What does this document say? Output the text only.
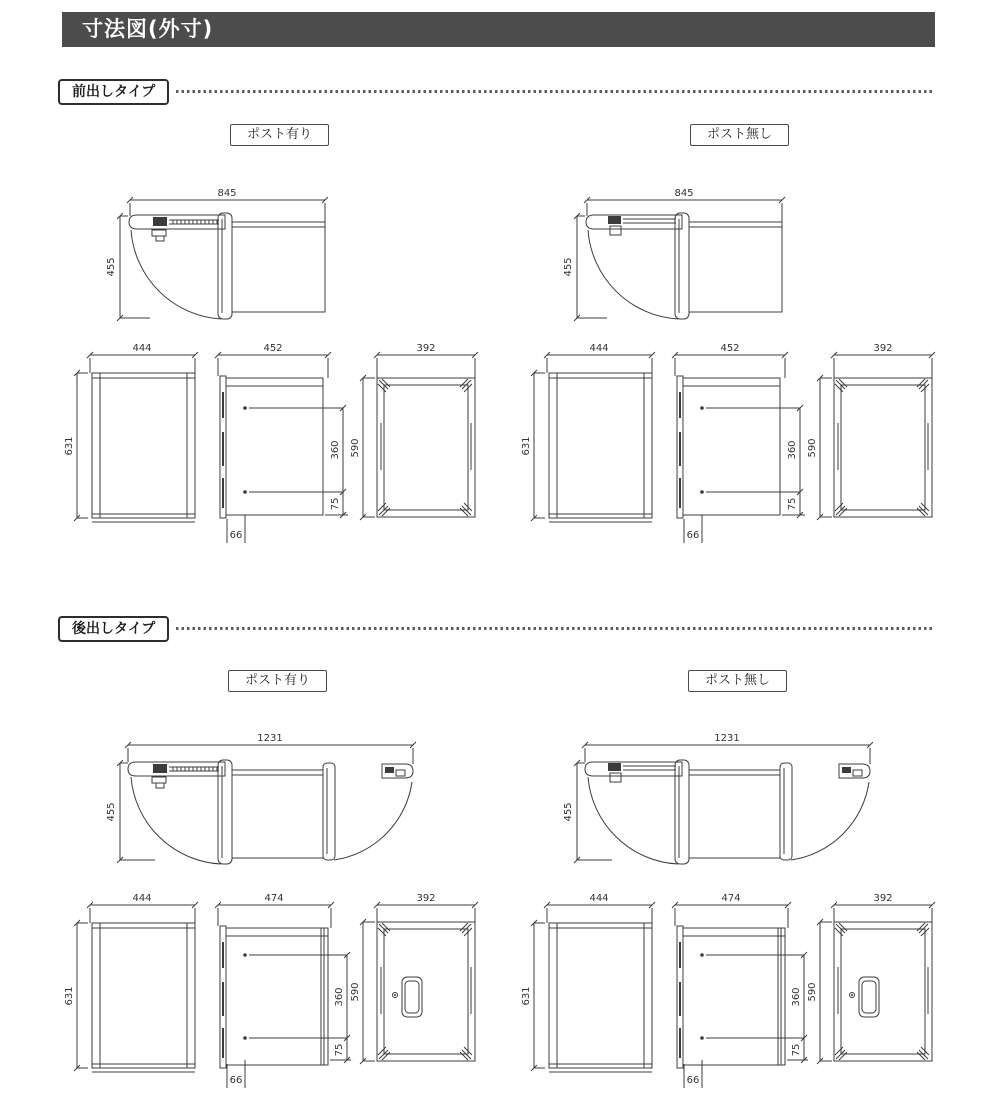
寸法図(外寸)
前出しタイプ
ポスト有り	ポスト無し
845
455
444
631
452
360
75
66
392
590
845
455
444
631
452
360
75
66
392
590
後出しタイプ
ポスト有り	ポスト無し
1231
455
444
631
474
360
75
66
392
590
1231
455
444
631
474
360
75
66
392
590
